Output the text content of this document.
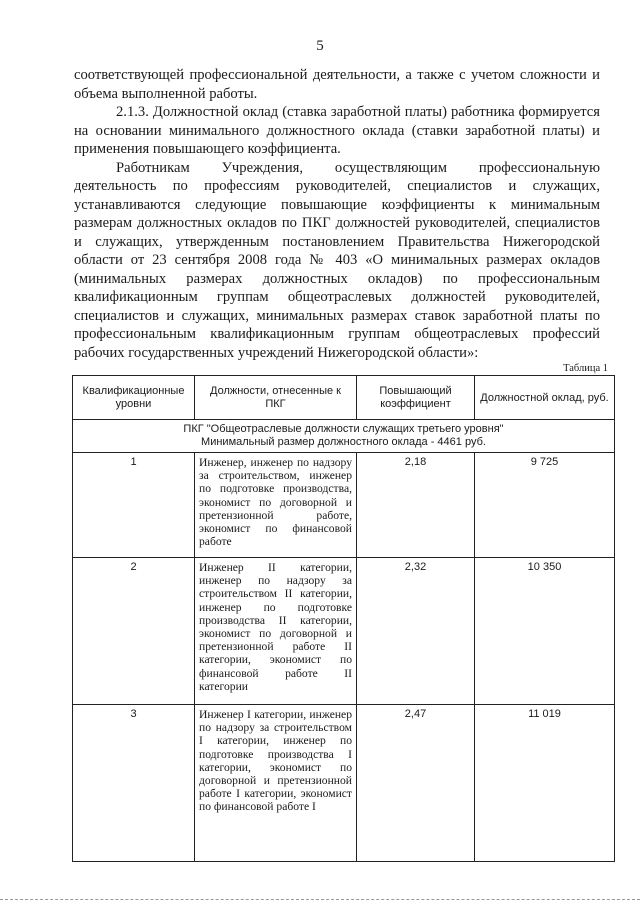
5

соответствующей профессиональной деятельности, а также с учетом сложности и объема выполненной работы.

2.1.3. Должностной оклад (ставка заработной платы) работника формируется на основании минимального должностного оклада (ставки заработной платы) и применения повышающего коэффициента.

Работникам Учреждения, осуществляющим профессиональную деятельность по профессиям руководителей, специалистов и служащих, устанавливаются следующие повышающие коэффициенты к минимальным размерам должностных окладов по ПКГ должностей руководителей, специалистов и служащих, утвержденным постановлением Правительства Нижегородской области от 23 сентября 2008 года № 403 «О минимальных размерах окладов (минимальных размерах должностных окладов) по профессиональным квалификационным группам общеотраслевых должностей руководителей, специалистов и служащих, минимальных размерах ставок заработной платы по профессиональным квалификационным группам общеотраслевых профессий рабочих государственных учреждений Нижегородской области»:

Таблица 1
Квалификационные уровни	Должности, отнесенные к ПКГ	Повышающий коэффициент	Должностной оклад, руб.

ПКГ "Общеотраслевые должности служащих третьего уровня"
Минимальный размер должностного оклада - 4461 руб.			

1	Инженер, инженер по надзору за строительством, инженер по подготовке производства, экономист по договорной и претензионной работе, экономист по финансовой работе	2,18	9 725
2	Инженер II категории, инженер по надзору за строительством II категории, инженер по подготовке производства II категории, экономист по договорной и претензионной работе II категории, экономист по финансовой работе II категории	2,32	10 350
3	Инженер I категории, инженер по надзору за строительством I категории, инженер по подготовке производства I категории, экономист по договорной и претензионной работе I категории, экономист по финансовой работе I	2,47	11 019
